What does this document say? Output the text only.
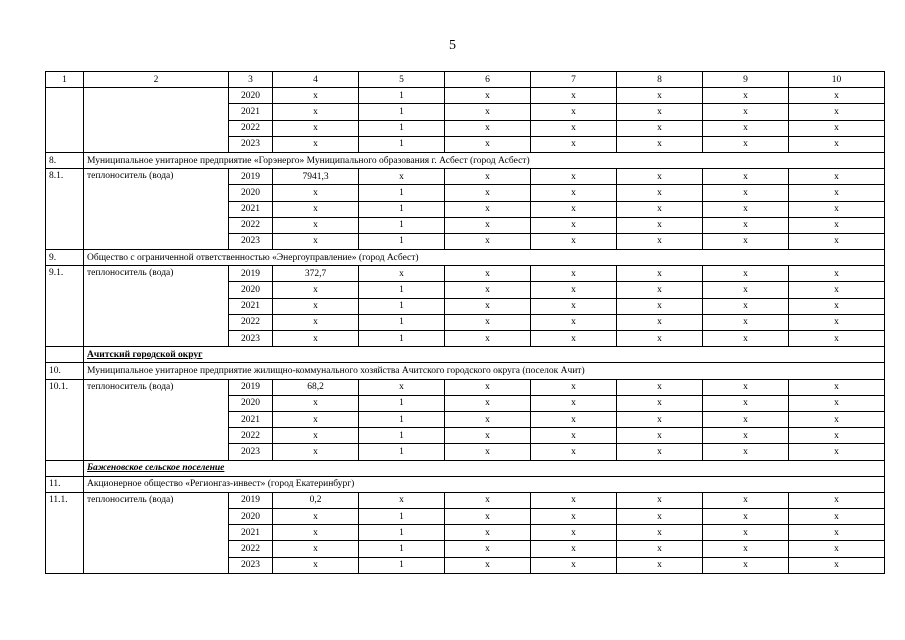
5
1	2	3	4	5	6	7	8	9	10
		2020	x	1	x	x	x	x	x
		2021	x	1	x	x	x	x	x
		2022	x	1	x	x	x	x	x
		2023	x	1	x	x	x	x	x
8.	Муниципальное унитарное предприятие «Горэнерго» Муниципального образования г. Асбест (город Асбест)								
8.1.	теплоноситель (вода)	2019	7941,3	x	x	x	x	x	x
		2020	x	1	x	x	x	x	x
		2021	x	1	x	x	x	x	x
		2022	x	1	x	x	x	x	x
		2023	x	1	x	x	x	x	x
9.	Общество с ограниченной ответственностью «Энергоуправление» (город Асбест)								
9.1.	теплоноситель (вода)	2019	372,7	x	x	x	x	x	x
		2020	x	1	x	x	x	x	x
		2021	x	1	x	x	x	x	x
		2022	x	1	x	x	x	x	x
		2023	x	1	x	x	x	x	x
	Ачитский городской округ								
10.	Муниципальное унитарное предприятие жилищно-коммунального хозяйства Ачитского городского округа (поселок Ачит)								
10.1.	теплоноситель (вода)	2019	68,2	x	x	x	x	x	x
		2020	x	1	x	x	x	x	x
		2021	x	1	x	x	x	x	x
		2022	x	1	x	x	x	x	x
		2023	x	1	x	x	x	x	x
	Баженовское сельское поселение								
11.	Акционерное общество «Регионгаз-инвест» (город Екатеринбург)								
11.1.	теплоноситель (вода)	2019	0,2	x	x	x	x	x	x
		2020	x	1	x	x	x	x	x
		2021	x	1	x	x	x	x	x
		2022	x	1	x	x	x	x	x
		2023	x	1	x	x	x	x	x
